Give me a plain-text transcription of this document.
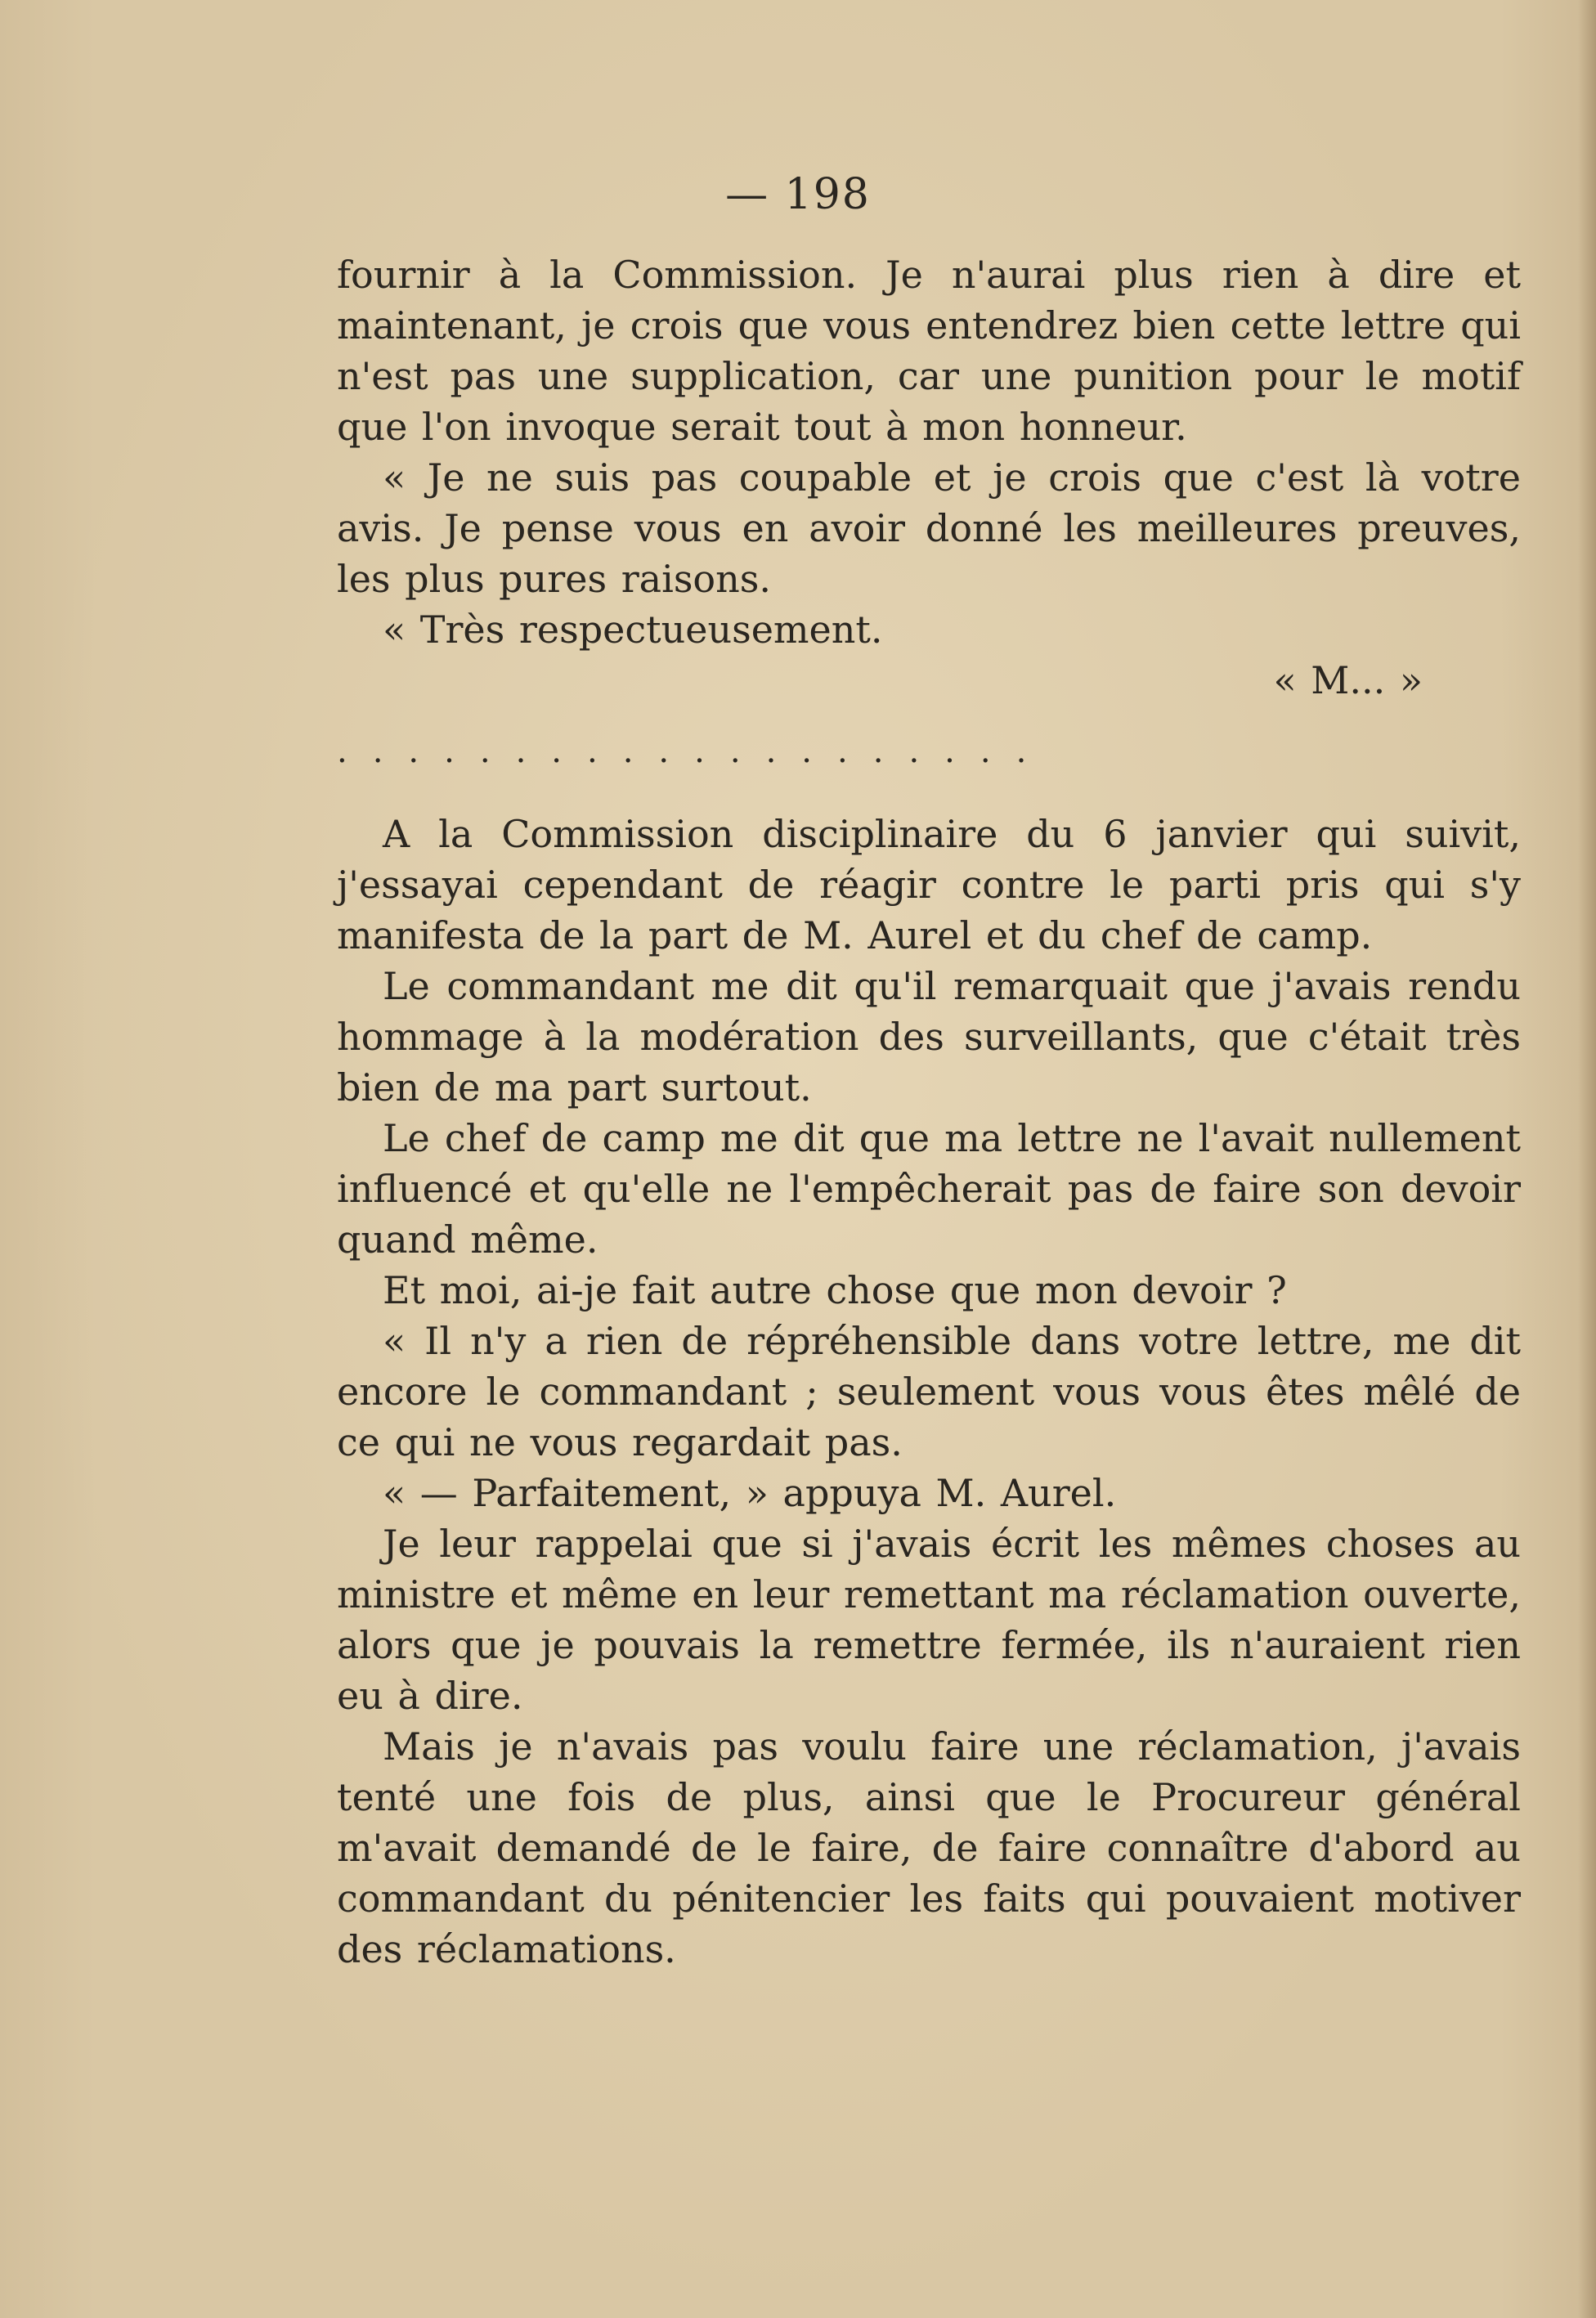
— 198

fournir à la Commission. Je n'aurai plus rien à dire et maintenant, je crois que vous entendrez bien cette lettre qui n'est pas une supplication, car une punition pour le motif que l'on invoque serait tout à mon honneur.

« Je ne suis pas coupable et je crois que c'est là votre avis. Je pense vous en avoir donné les meilleures preuves, les plus pures raisons.

« Très respectueusement.

« M... »

....................

A la Commission disciplinaire du 6 janvier qui suivit, j'essayai cependant de réagir contre le parti pris qui s'y manifesta de la part de M. Aurel et du chef de camp.

Le commandant me dit qu'il remarquait que j'avais rendu hommage à la modération des surveillants, que c'était très bien de ma part surtout.

Le chef de camp me dit que ma lettre ne l'avait nullement influencé et qu'elle ne l'empêcherait pas de faire son devoir quand même.

Et moi, ai-je fait autre chose que mon devoir ?

« Il n'y a rien de répréhensible dans votre lettre, me dit encore le commandant ; seulement vous vous êtes mêlé de ce qui ne vous regardait pas.

« — Parfaitement, » appuya M. Aurel.

Je leur rappelai que si j'avais écrit les mêmes choses au ministre et même en leur remettant ma réclamation ouverte, alors que je pouvais la remettre fermée, ils n'auraient rien eu à dire.

Mais je n'avais pas voulu faire une réclamation, j'avais tenté une fois de plus, ainsi que le Procureur général m'avait demandé de le faire, de faire connaître d'abord au commandant du pénitencier les faits qui pouvaient motiver des réclamations.
